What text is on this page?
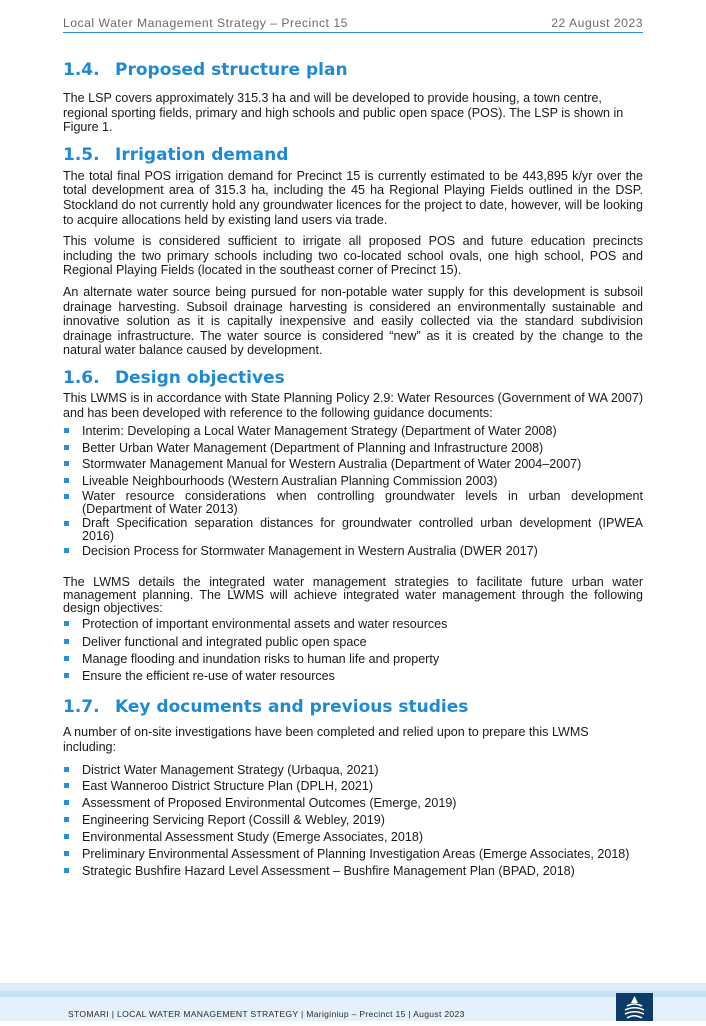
Local Water Management Strategy – Precinct 15	22 August 2023
1.4. Proposed structure plan

The LSP covers approximately 315.3 ha and will be developed to provide housing, a town centre, regional sporting fields, primary and high schools and public open space (POS). The LSP is shown in Figure 1.

1.5. Irrigation demand

The total final POS irrigation demand for Precinct 15 is currently estimated to be 443,895 k/yr over the total development area of 315.3 ha, including the 45 ha Regional Playing Fields outlined in the DSP. Stockland do not currently hold any groundwater licences for the project to date, however, will be looking to acquire allocations held by existing land users via trade.

This volume is considered sufficient to irrigate all proposed POS and future education precincts including the two primary schools including two co-located school ovals, one high school, POS and Regional Playing Fields (located in the southeast corner of Precinct 15).

An alternate water source being pursued for non-potable water supply for this development is subsoil drainage harvesting. Subsoil drainage harvesting is considered an environmentally sustainable and innovative solution as it is capitally inexpensive and easily collected via the standard subdivision drainage infrastructure. The water source is considered “new” as it is created by the change to the natural water balance caused by development.

1.6. Design objectives

This LWMS is in accordance with State Planning Policy 2.9: Water Resources (Government of WA 2007) and has been developed with reference to the following guidance documents:

Interim: Developing a Local Water Management Strategy (Department of Water 2008)
Better Urban Water Management (Department of Planning and Infrastructure 2008)
Stormwater Management Manual for Western Australia (Department of Water 2004–2007)
Liveable Neighbourhoods (Western Australian Planning Commission 2003)
Water resource considerations when controlling groundwater levels in urban development (Department of Water 2013)
Draft Specification separation distances for groundwater controlled urban development (IPWEA 2016)
Decision Process for Stormwater Management in Western Australia (DWER 2017)

The LWMS details the integrated water management strategies to facilitate future urban water management planning. The LWMS will achieve integrated water management through the following design objectives:

Protection of important environmental assets and water resources
Deliver functional and integrated public open space
Manage flooding and inundation risks to human life and property
Ensure the efficient re-use of water resources
1.7. Key documents and previous studies

A number of on-site investigations have been completed and relied upon to prepare this LWMS including:

District Water Management Strategy (Urbaqua, 2021)
East Wanneroo District Structure Plan (DPLH, 2021)
Assessment of Proposed Environmental Outcomes (Emerge, 2019)
Engineering Servicing Report (Cossill & Webley, 2019)
Environmental Assessment Study (Emerge Associates, 2018)
Preliminary Environmental Assessment of Planning Investigation Areas (Emerge Associates, 2018)
Strategic Bushfire Hazard Level Assessment – Bushfire Management Plan (BPAD, 2018)
STOMARI | LOCAL WATER MANAGEMENT STRATEGY | Mariginiup – Precinct 15 | August 2023
